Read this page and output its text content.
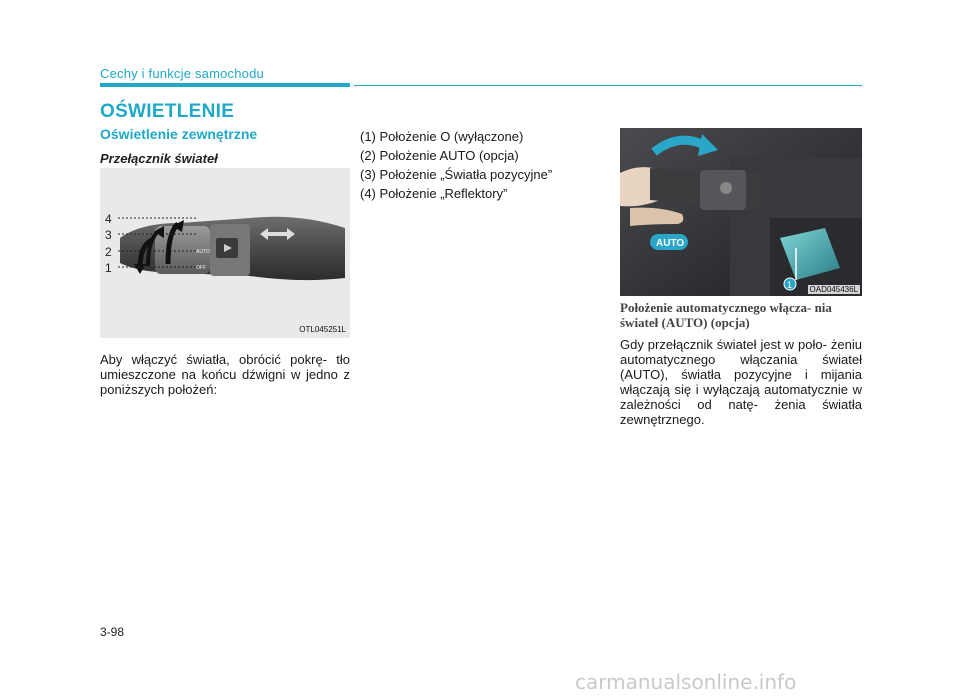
Cechy i funkcje samochodu
OŚWIETLENIE
Oświetlenie zewnętrzne
Przełącznik świateł
4
3
2
1
AUTO
OFF
OTL045251L
Aby włączyć światła, obrócić pokrę- tło umieszczone na końcu dźwigni w jedno z poniższych położeń:
(1) Położenie O (wyłączone)
(2) Położenie AUTO (opcja)
(3) Położenie „Światła pozycyjne”
(4) Położenie „Reflektory”
1
AUTO
OAD045436L
Położenie automatycznego włącza- nia świateł (AUTO) (opcja)
Gdy przełącznik świateł jest w poło- żeniu automatycznego włączania świateł (AUTO), światła pozycyjne i mijania włączają się i wyłączają automatycznie w zależności od natę- żenia światła zewnętrznego.
3-98
carmanualsonline.info
